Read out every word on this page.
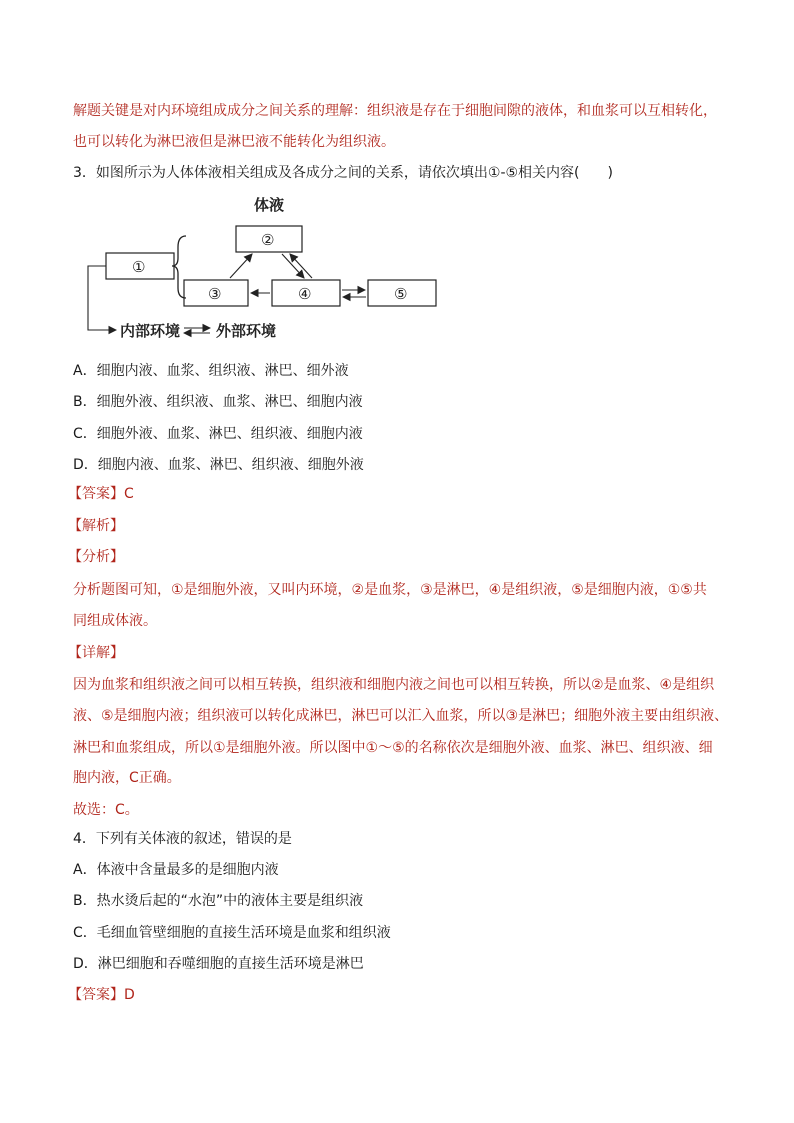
解题关键是对内环境组成成分之间关系的理解：组织液是存在于细胞间隙的液体，和血浆可以互相转化，
也可以转化为淋巴液但是淋巴液不能转化为组织液。
3．如图所示为人体体液相关组成及各成分之间的关系，请依次填出①-⑤相关内容(　　)
体液
①
②
③	④	⑤
内部环境 外部环境
A．细胞内液、血浆、组织液、淋巴、细外液
B．细胞外液、组织液、血浆、淋巴、细胞内液
C．细胞外液、血浆、淋巴、组织液、细胞内液
D．细胞内液、血浆、淋巴、组织液、细胞外液
【答案】C
【解析】
【分析】
分析题图可知，①是细胞外液，又叫内环境，②是血浆，③是淋巴，④是组织液，⑤是细胞内液，①⑤共
同组成体液。
【详解】
因为血浆和组织液之间可以相互转换，组织液和细胞内液之间也可以相互转换，所以②是血浆、④是组织
液、⑤是细胞内液；组织液可以转化成淋巴，淋巴可以汇入血浆，所以③是淋巴；细胞外液主要由组织液、
淋巴和血浆组成，所以①是细胞外液。所以图中①～⑤的名称依次是细胞外液、血浆、淋巴、组织液、细
胞内液，C正确。
故选：C。
4．下列有关体液的叙述，错误的是
A．体液中含量最多的是细胞内液
B．热水烫后起的“水泡”中的液体主要是组织液
C．毛细血管壁细胞的直接生活环境是血浆和组织液
D．淋巴细胞和吞噬细胞的直接生活环境是淋巴
【答案】D
